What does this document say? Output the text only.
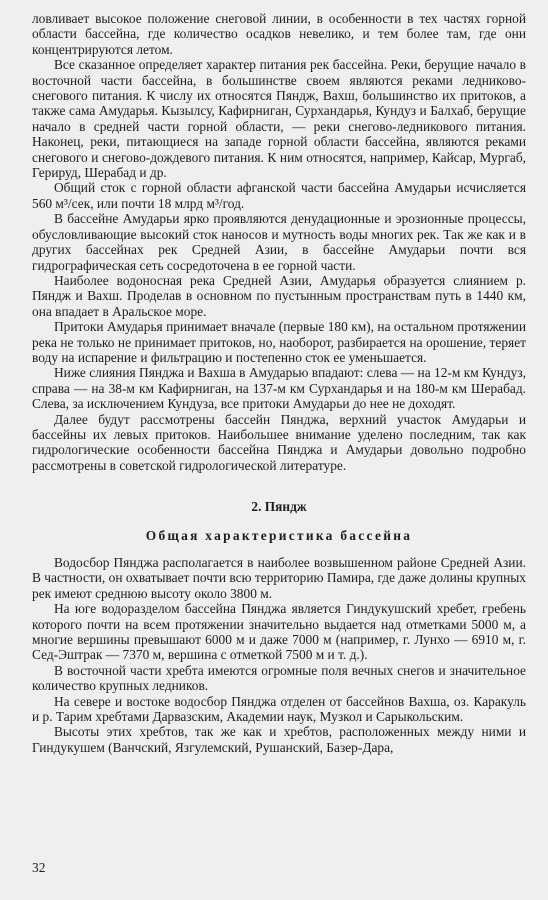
ловливает высокое положение снеговой линии, в особенности в тех частях горной области бассейна, где количество осадков невелико, и тем более там, где они концентрируются летом.

Все сказанное определяет характер питания рек бассейна. Реки, берущие начало в восточной части бассейна, в большинстве своем являются реками ледниково-снегового питания. К числу их относятся Пяндж, Вахш, большинство их притоков, а также сама Амударья. Кызылсу, Кафирниган, Сурхандарья, Кундуз и Балхаб, берущие начало в средней части горной области, — реки снегово-ледникового питания. Наконец, реки, питающиеся на западе горной области бассейна, являются реками снегового и снегово-дождевого питания. К ним относятся, например, Кайсар, Мургаб, Герируд, Шерабад и др.

Общий сток с горной области афганской части бассейна Амударьи исчисляется 560 м³/сек, или почти 18 млрд м³/год.

В бассейне Амударьи ярко проявляются денудационные и эрозионные процессы, обусловливающие высокий сток наносов и мутность воды многих рек. Так же как и в других бассейнах рек Средней Азии, в бассейне Амударьи почти вся гидрографическая сеть сосредоточена в ее горной части.

Наиболее водоносная река Средней Азии, Амударья образуется слиянием р. Пяндж и Вахш. Проделав в основном по пустынным пространствам путь в 1440 км, она впадает в Аральское море.

Притоки Амударья принимает вначале (первые 180 км), на остальном протяжении река не только не принимает притоков, но, наоборот, разбирается на орошение, теряет воду на испарение и фильтрацию и постепенно сток ее уменьшается.

Ниже слияния Пянджа и Вахша в Амударью впадают: слева — на 12-м км Кундуз, справа — на 38-м км Кафирниган, на 137-м км Сурхандарья и на 180-м км Шерабад. Слева, за исключением Кундуза, все притоки Амударьи до нее не доходят.

Далее будут рассмотрены бассейн Пянджа, верхний участок Амударьи и бассейны их левых притоков. Наибольшее внимание уделено последним, так как гидрологические особенности бассейна Пянджа и Амударьи довольно подробно рассмотрены в советской гидрологической литературе.

2. Пяндж
Общая характеристика бассейна

Водосбор Пянджа располагается в наиболее возвышенном районе Средней Азии. В частности, он охватывает почти всю территорию Памира, где даже долины крупных рек имеют среднюю высоту около 3800 м.

На юге водоразделом бассейна Пянджа является Гиндукушский хребет, гребень которого почти на всем протяжении значительно выдается над отметками 5000 м, а многие вершины превышают 6000 м и даже 7000 м (например, г. Лунхо — 6910 м, г. Сед-Эштрак — 7370 м, вершина с отметкой 7500 м и т. д.).

В восточной части хребта имеются огромные поля вечных снегов и значительное количество крупных ледников.

На севере и востоке водосбор Пянджа отделен от бассейнов Вахша, оз. Каракуль и р. Тарим хребтами Дарвазским, Академии наук, Музкол и Сарыкольским.

Высоты этих хребтов, так же как и хребтов, расположенных между ними и Гиндукушем (Ванчский, Язгулемский, Рушанский, Базер-Дара,

32
